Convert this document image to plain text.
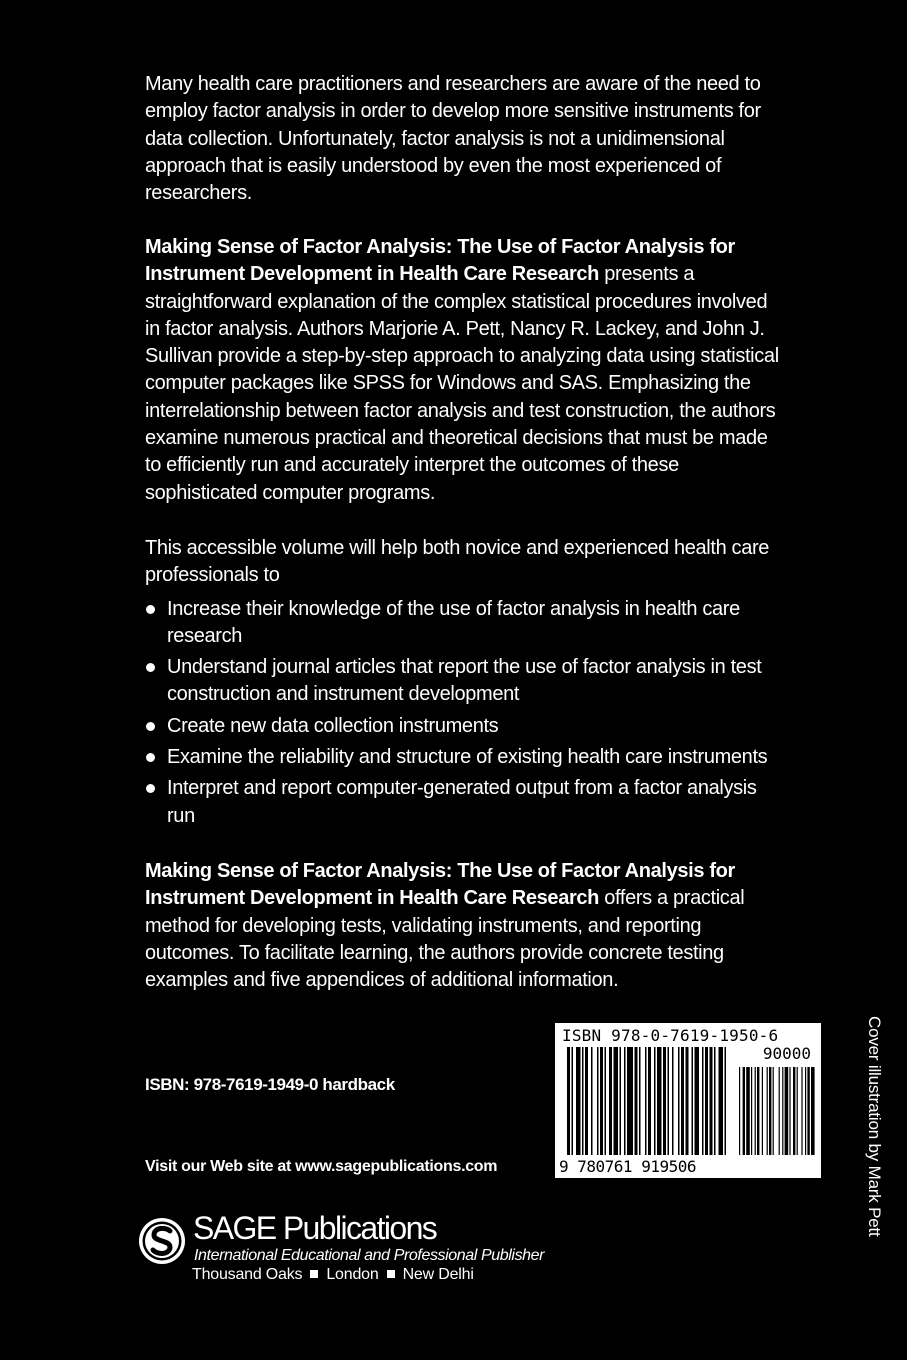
Many health care practitioners and researchers are aware of the need to employ factor analysis in order to develop more sensitive instruments for data collection. Unfortunately, factor analysis is not a unidimensional approach that is easily understood by even the most experienced of researchers.

Making Sense of Factor Analysis: The Use of Factor Analysis for Instrument Development in Health Care Research presents a straightforward explanation of the complex statistical procedures involved in factor analysis. Authors Marjorie A. Pett, Nancy R. Lackey, and John J. Sullivan provide a step-by-step approach to analyzing data using statistical computer packages like SPSS for Windows and SAS. Emphasizing the interrelationship between factor analysis and test construction, the authors examine numerous practical and theoretical decisions that must be made to efficiently run and accurately interpret the outcomes of these sophisticated computer programs.

This accessible volume will help both novice and experienced health care professionals to

Increase their knowledge of the use of factor analysis in health care research
Understand journal articles that report the use of factor analysis in test construction and instrument development
Create new data collection instruments
Examine the reliability and structure of existing health care instruments
Interpret and report computer-generated output from a factor analysis run

Making Sense of Factor Analysis: The Use of Factor Analysis for Instrument Development in Health Care Research offers a practical method for developing tests, validating instruments, and reporting outcomes. To facilitate learning, the authors provide concrete testing examples and five appendices of additional information.

ISBN: 978-7619-1949-0 hardback
Visit our Web site at www.sagepublications.com
SAGE Publications
International Educational and Professional Publisher
Thousand Oaks London New Delhi
ISBN 978-0-7619-1950-6
90000
9 780761 919506	Cover illustration by Mark Pett
